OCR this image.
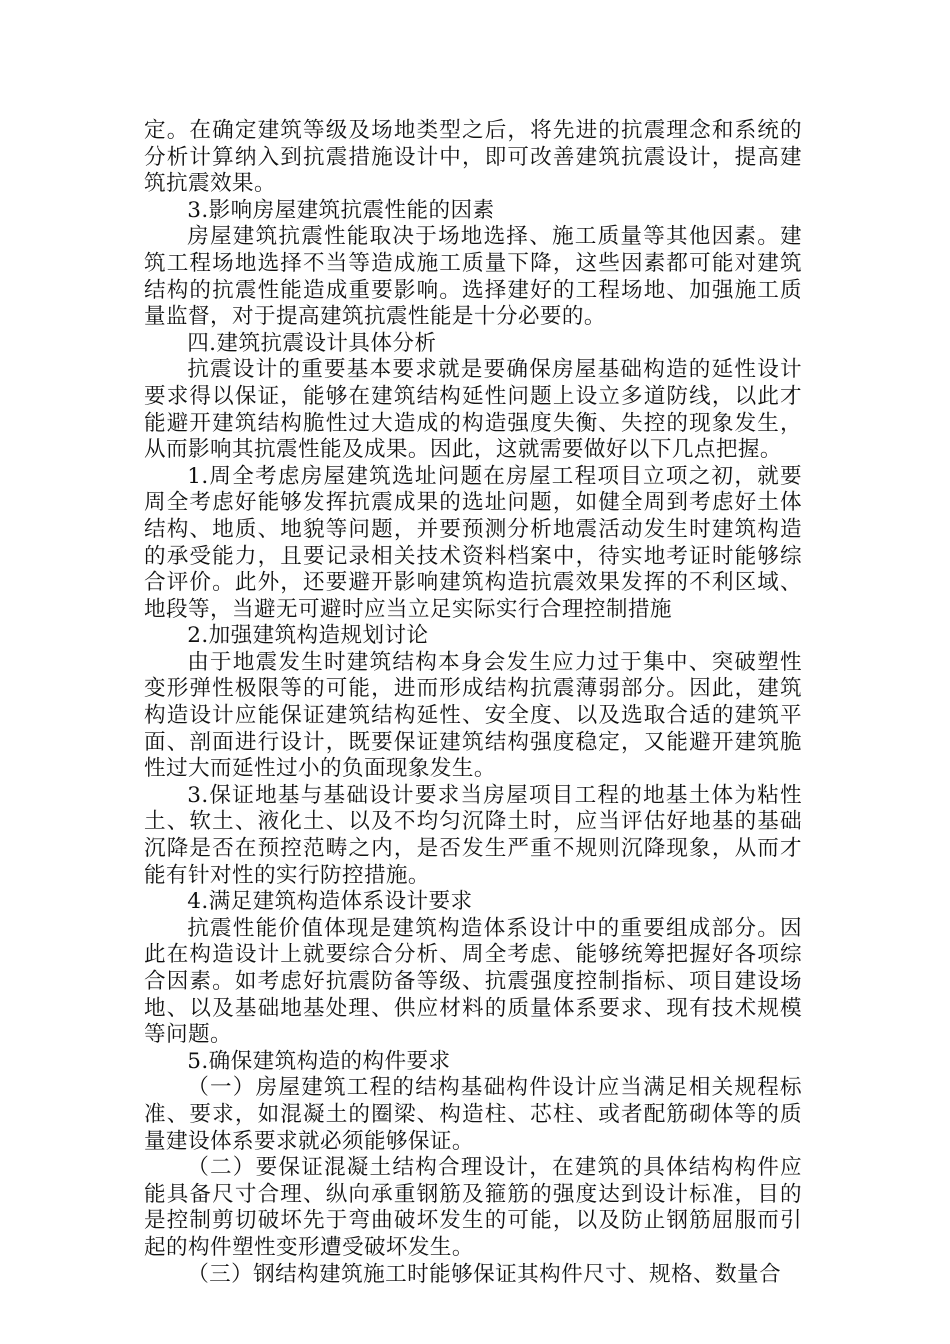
定。在确定建筑等级及场地类型之后，将先进的抗震理念和系统的分析计算纳入到抗震措施设计中，即可改善建筑抗震设计，提高建筑抗震效果。

3.影响房屋建筑抗震性能的因素

房屋建筑抗震性能取决于场地选择、施工质量等其他因素。建筑工程场地选择不当等造成施工质量下降，这些因素都可能对建筑结构的抗震性能造成重要影响。选择建好的工程场地、加强施工质量监督，对于提高建筑抗震性能是十分必要的。

四.建筑抗震设计具体分析

抗震设计的重要基本要求就是要确保房屋基础构造的延性设计要求得以保证，能够在建筑结构延性问题上设立多道防线，以此才能避开建筑结构脆性过大造成的构造强度失衡、失控的现象发生，从而影响其抗震性能及成果。因此，这就需要做好以下几点把握。

1.周全考虑房屋建筑选址问题在房屋工程项目立项之初，就要周全考虑好能够发挥抗震成果的选址问题，如健全周到考虑好土体结构、地质、地貌等问题，并要预测分析地震活动发生时建筑构造的承受能力，且要记录相关技术资料档案中，待实地考证时能够综合评价。此外，还要避开影响建筑构造抗震效果发挥的不利区域、地段等，当避无可避时应当立足实际实行合理控制措施

2.加强建筑构造规划讨论

由于地震发生时建筑结构本身会发生应力过于集中、突破塑性变形弹性极限等的可能，进而形成结构抗震薄弱部分。因此，建筑构造设计应能保证建筑结构延性、安全度、以及选取合适的建筑平面、剖面进行设计，既要保证建筑结构强度稳定，又能避开建筑脆性过大而延性过小的负面现象发生。

3.保证地基与基础设计要求当房屋项目工程的地基土体为粘性土、软土、液化土、以及不均匀沉降土时，应当评估好地基的基础沉降是否在预控范畴之内，是否发生严重不规则沉降现象，从而才能有针对性的实行防控措施。

4.满足建筑构造体系设计要求

抗震性能价值体现是建筑构造体系设计中的重要组成部分。因此在构造设计上就要综合分析、周全考虑、能够统筹把握好各项综合因素。如考虑好抗震防备等级、抗震强度控制指标、项目建设场地、以及基础地基处理、供应材料的质量体系要求、现有技术规模等问题。

5.确保建筑构造的构件要求

（一）房屋建筑工程的结构基础构件设计应当满足相关规程标准、要求，如混凝土的圈梁、构造柱、芯柱、或者配筋砌体等的质量建设体系要求就必须能够保证。

（二）要保证混凝土结构合理设计，在建筑的具体结构构件应能具备尺寸合理、纵向承重钢筋及箍筋的强度达到设计标准，目的是控制剪切破坏先于弯曲破坏发生的可能，以及防止钢筋屈服而引起的构件塑性变形遭受破坏发生。

（三）钢结构建筑施工时能够保证其构件尺寸、规格、数量合
